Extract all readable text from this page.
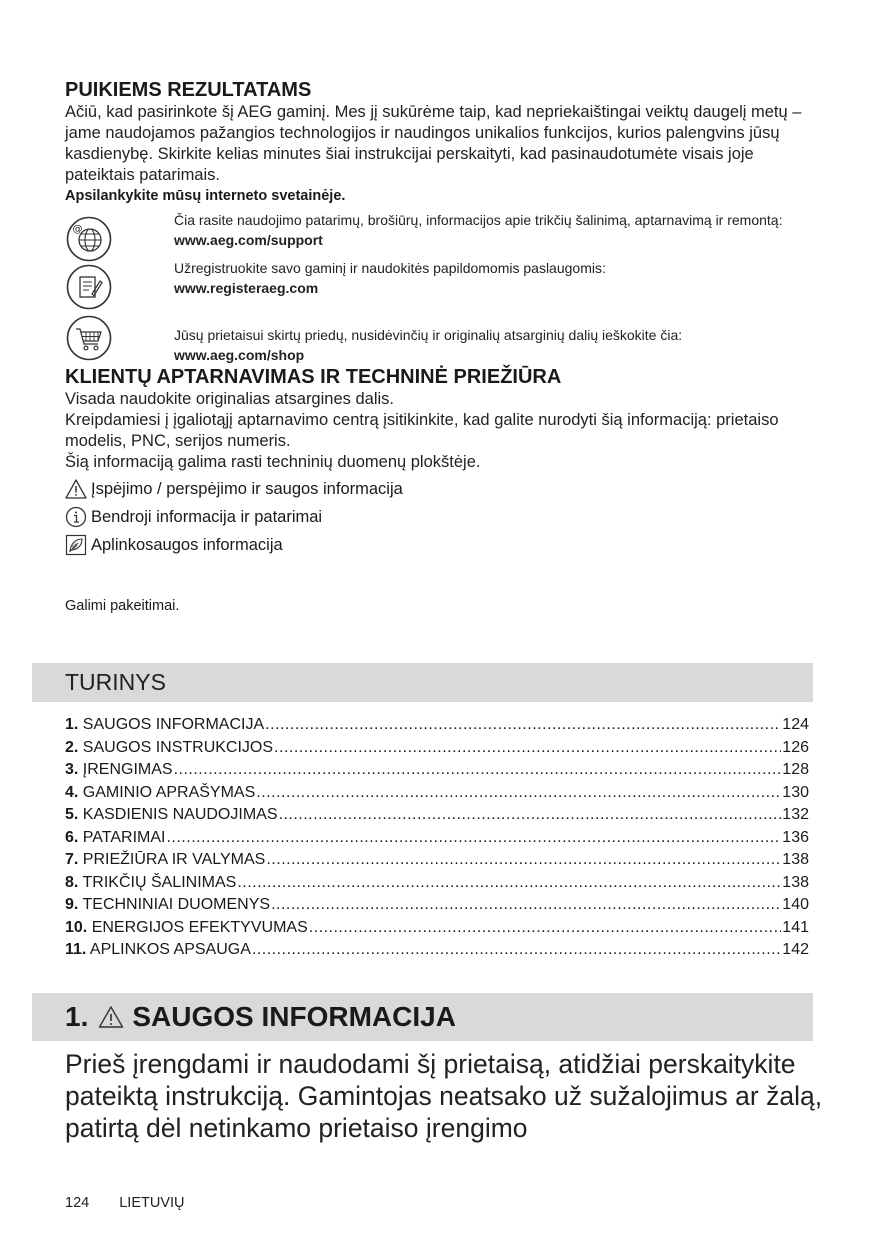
PUIKIEMS REZULTATAMS

Ačiū, kad pasirinkote šį AEG gaminį. Mes jį sukūrėme taip, kad nepriekaištingai veiktų daugelį metų – jame naudojamos pažangios technologijos ir naudingos unikalios funkcijos, kurios palengvins jūsų kasdienybę. Skirkite kelias minutes šiai instrukcijai perskaityti, kad pasinaudotumėte visais joje pateiktais patarimais.

Apsilankykite mūsų interneto svetainėje.

@
Čia rasite naudojimo patarimų, brošiūrų, informacijos apie trikčių šalinimą, aptarnavimą ir remontą:
www.aeg.com/support
Užregistruokite savo gaminį ir naudokitės papildomomis paslaugomis:
www.registeraeg.com
Jūsų prietaisui skirtų priedų, nusidėvinčių ir originalių atsarginių dalių ieškokite čia:
www.aeg.com/shop
KLIENTŲ APTARNAVIMAS IR TECHNINĖ PRIEŽIŪRA

Visada naudokite originalias atsargines dalis.

Kreipdamiesi į įgaliotąjį aptarnavimo centrą įsitikinkite, kad galite nurodyti šią informaciją: prietaiso modelis, PNC, serijos numeris.

Šią informaciją galima rasti techninių duomenų plokštėje.

Įspėjimo / perspėjimo ir saugos informacija
Bendroji informacija ir patarimai
Aplinkosaugos informacija

Galimi pakeitimai.

TURINYS
1. SAUGOS INFORMACIJA .....	124
2. SAUGOS INSTRUKCIJOS .....	126
3. ĮRENGIMAS .....	128
4. GAMINIO APRAŠYMAS .....	130
5. KASDIENIS NAUDOJIMAS .....	132
6. PATARIMAI .....	136
7. PRIEŽIŪRA IR VALYMAS .....	138
8. TRIKČIŲ ŠALINIMAS .....	138
9. TECHNINIAI DUOMENYS .....	140
10. ENERGIJOS EFEKTYVUMAS .....	141
11. APLINKOS APSAUGA .....	142
1. SAUGOS INFORMACIJA
Prieš įrengdami ir naudodami šį prietaisą, atidžiai perskaitykite pateiktą instrukciją. Gamintojas neatsako už sužalojimus ar žalą, patirtą dėl netinkamo prietaiso įrengimo
124 LIETUVIŲ
